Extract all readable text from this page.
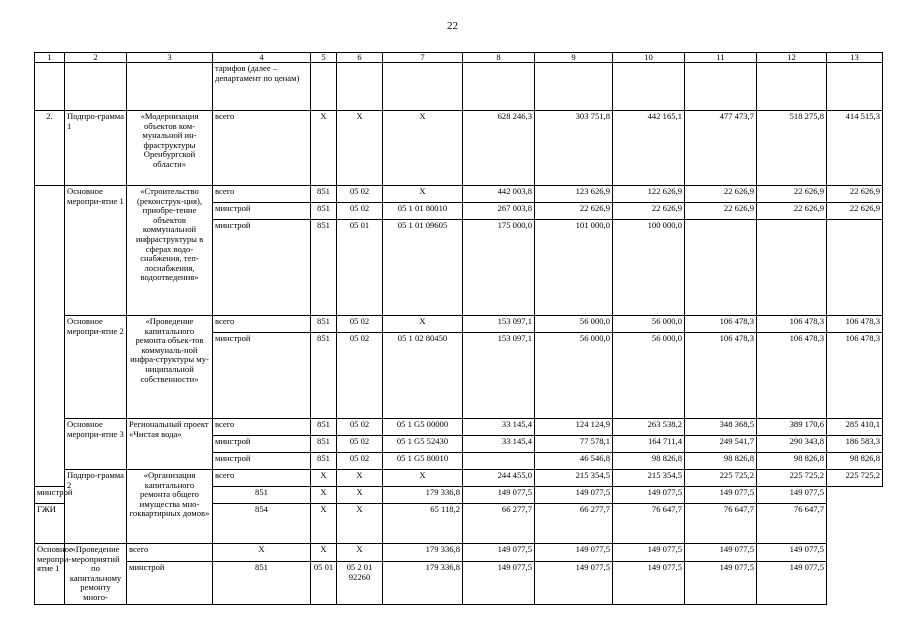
22
1	2	3	4	5	6	7	8	9	10	11	12	13
			тарифов (далее – департамент по ценам)									
2.	Подпро-грамма 1	«Модернизация объектов ком-мунальной ин-фраструктуры Оренбургской области»	всего	X	X	X	628 246,3	303 751,8	442 165,1	477 473,7	518 275,8	414 515,3
	Основное меропри-ятие 1	«Строительство (реконструк-ция), приобре-тение объектов коммунальной инфраструктуры в сферах водо-снабжения, теп-лоснабжения, водоотведения»	всего	851	05 02	X	442 003,8	123 626,9	122 626,9	22 626,9	22 626,9	22 626,9
			минстрой	851	05 02	05 1 01 80010	267 003,8	22 626,9	22 626,9	22 626,9	22 626,9	22 626,9
			минстрой	851	05 01	05 1 01 09605	175 000,0	101 000,0	100 000,0			
	Основное меропри-ятие 2	«Проведение капитального ремонта объек-тов коммуналь-ной инфра-структуры му-ниципальной собственности»	всего	851	05 02	X	153 097,1	56 000,0	56 000,0	106 478,3	106 478,3	106 478,3
			минстрой	851	05 02	05 1 02 80450	153 097,1	56 000,0	56 000,0	106 478,3	106 478,3	106 478,3
	Основное меропри-ятие 3	Региональный проект «Чистая вода»	всего	851	05 02	05 1 G5 00000	33 145,4	124 124,9	263 538,2	348 368,5	389 170,6	285 410,1
			минстрой	851	05 02	05 1 G5 52430	33 145,4	77 578,1	164 711,4	249 541,7	290 343,8	186 583,3
			минстрой	851	05 02	05 1 G5 80010		46 546,8	98 826,8	98 826,8	98 826,8	98 826,8
	Подпро-грамма 2	«Организация капитального ремонта общего имущества мно-гоквартирных домов»	всего	X	X	X	244 455,0	215 354,5	215 354,5	225 725,2	225 725,2	225 725,2
минстрой			851	X	X	179 336,8	149 077,5	149 077,5	149 077,5	149 077,5	149 077,5	
ГЖИ			854	X	X	65 118,2	66 277,7	66 277,7	76 647,7	76 647,7	76 647,7	
Основное меропри-ятие 1	«Проведение мероприятий по капитальному ремонту много-	всего	X	X	X	179 336,8	149 077,5	149 077,5	149 077,5	149 077,5	149 077,5	
		минстрой	851	05 01	05 2 01 92260	179 336,8	149 077,5	149 077,5	149 077,5	149 077,5	149 077,5	
